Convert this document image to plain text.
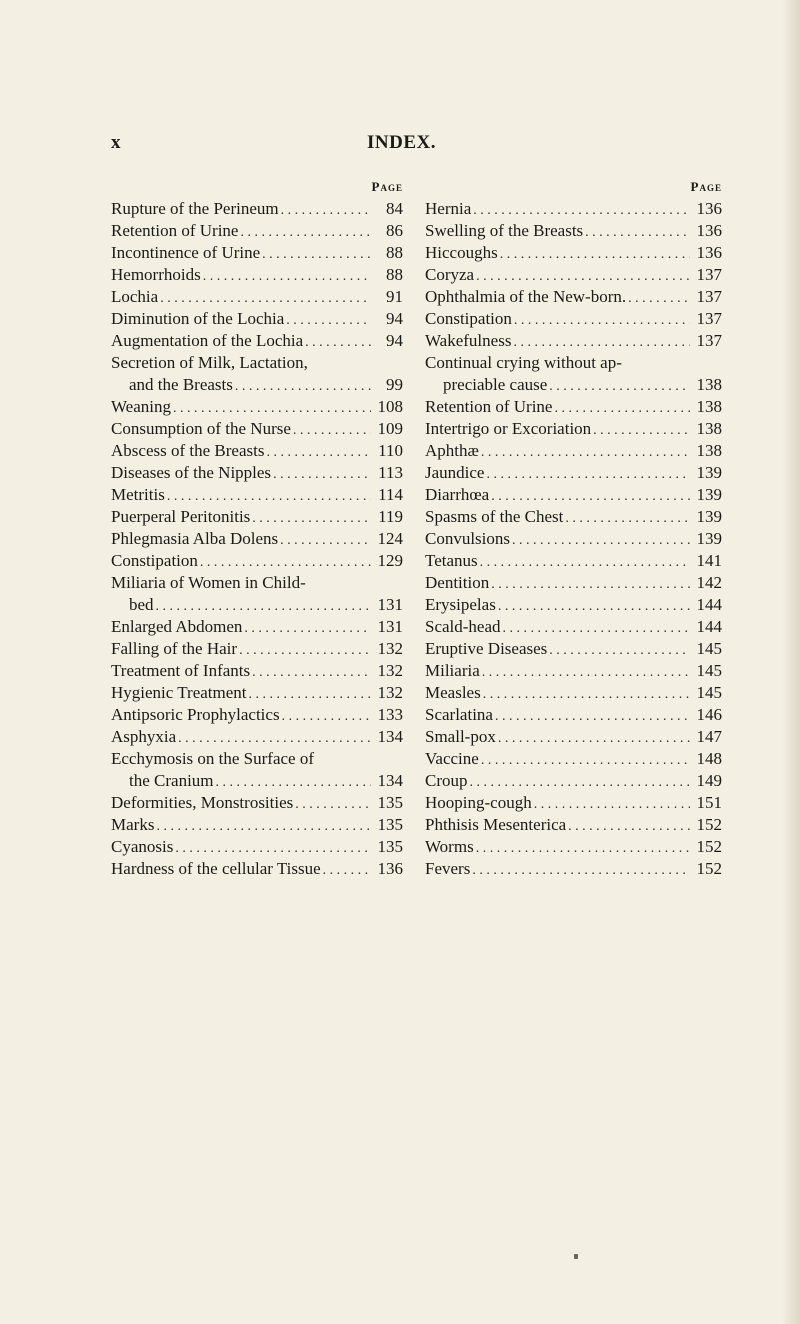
x	INDEX.
Page
Rupture of the Perineum . . .	84
Retention of Urine . . .	86
Incontinence of Urine . . .	88
Hemorrhoids . . .	88
Lochia . . .	91
Diminution of the Lochia . . .	94
Augmentation of the Lochia . . .	94
Secretion of Milk, Lactation,
and the Breasts . . .	99
Weaning . . .	108
Consumption of the Nurse . . .	109
Abscess of the Breasts . . .	110
Diseases of the Nipples . . .	113
Metritis . . .	114
Puerperal Peritonitis . . .	119
Phlegmasia Alba Dolens . . .	124
Constipation . . .	129
Miliaria of Women in Child-
bed . . .	131
Enlarged Abdomen . . .	131
Falling of the Hair . . .	132
Treatment of Infants . . .	132
Hygienic Treatment . . .	132
Antipsoric Prophylactics . . .	133
Asphyxia . . .	134
Ecchymosis on the Surface of
the Cranium . . .	134
Deformities, Monstrosities . . .	135
Marks . . .	135
Cyanosis . . .	135
Hardness of the cellular Tissue . . .	136
Page
Hernia . . .	136
Swelling of the Breasts . . .	136
Hiccoughs . . .	136
Coryza . . .	137
Ophthalmia of the New-born. . . .	137
Constipation . . .	137
Wakefulness . . .	137
Continual crying without ap-
preciable cause . . .	138
Retention of Urine . . .	138
Intertrigo or Excoriation . . .	138
Aphthæ . . .	138
Jaundice . . .	139
Diarrhœa . . .	139
Spasms of the Chest . . .	139
Convulsions . . .	139
Tetanus . . .	141
Dentition . . .	142
Erysipelas . . .	144
Scald-head . . .	144
Eruptive Diseases . . .	145
Miliaria . . .	145
Measles . . .	145
Scarlatina . . .	146
Small-pox . . .	147
Vaccine . . .	148
Croup . . .	149
Hooping-cough . . .	151
Phthisis Mesenterica . . .	152
Worms . . .	152
Fevers . . .	152
